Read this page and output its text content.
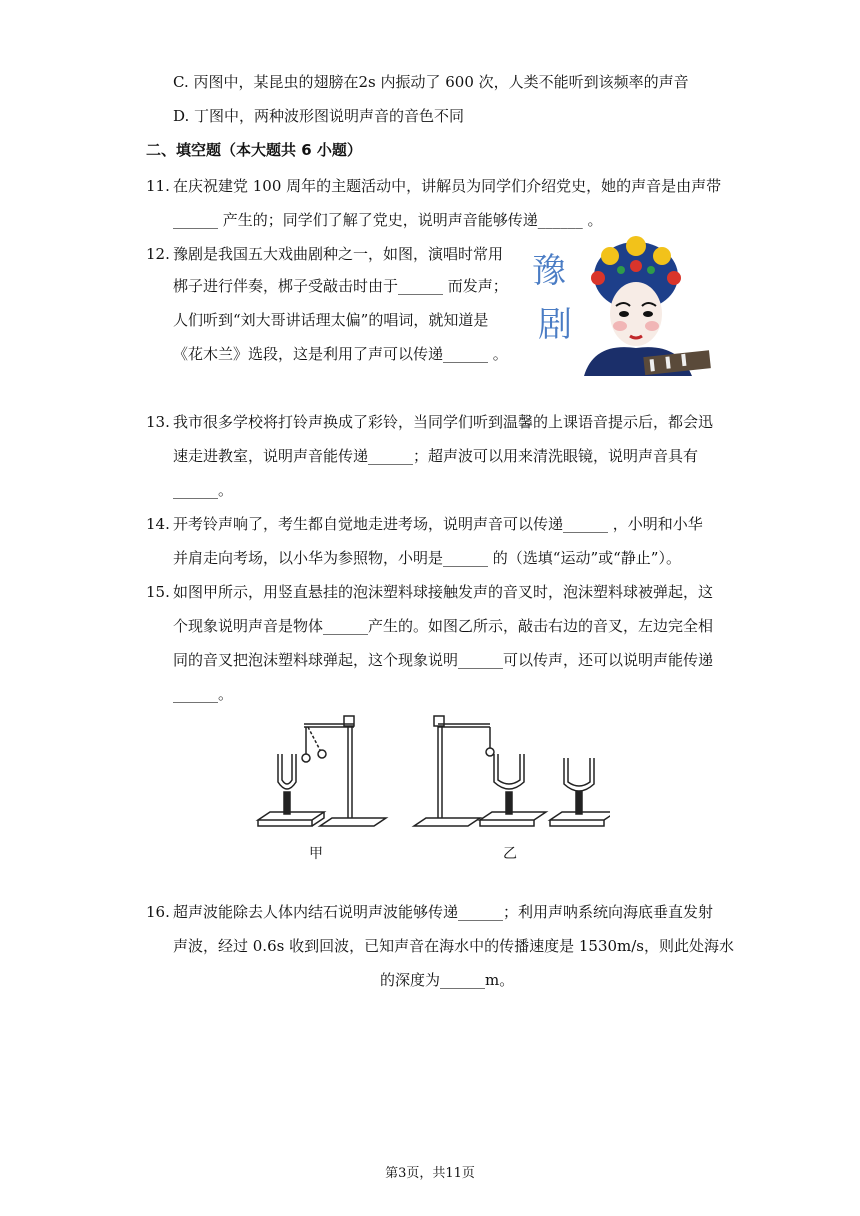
C. 丙图中，某昆虫的翅膀在2s 内振动了 600 次，人类不能听到该频率的声音
D. 丁图中，两种波形图说明声音的音色不同
二、填空题（本大题共 6 小题）
11. 在庆祝建党 100 周年的主题活动中，讲解员为同学们介绍党史，她的声音是由声带
______ 产生的；同学们了解了党史，说明声音能够传递______ 。
12. 豫剧是我国五大戏曲剧种之一，如图，演唱时常用
梆子进行伴奏，梆子受敲击时由于______ 而发声；
人们听到“刘大哥讲话理太偏”的唱词，就知道是
《花木兰》选段，这是利用了声可以传递______ 。
豫
剧
13. 我市很多学校将打铃声换成了彩铃，当同学们听到温馨的上课语音提示后，都会迅
速走进教室，说明声音能传递______；超声波可以用来清洗眼镜，说明声音具有
______。
14. 开考铃声响了，考生都自觉地走进考场，说明声音可以传递______ ，小明和小华
并肩走向考场，以小华为参照物，小明是______ 的（选填“运动”或“静止”）。
15. 如图甲所示，用竖直悬挂的泡沫塑料球接触发声的音叉时，泡沫塑料球被弹起，这
个现象说明声音是物体______产生的。如图乙所示，敲击右边的音叉，左边完全相
同的音叉把泡沫塑料球弹起，这个现象说明______可以传声，还可以说明声能传递
______。
甲	乙
16. 超声波能除去人体内结石说明声波能够传递______；利用声呐系统向海底垂直发射
声波，经过 0.6s 收到回波，已知声音在海水中的传播速度是 1530m/s，则此处海水
的深度为______m。
第3页，共11页
